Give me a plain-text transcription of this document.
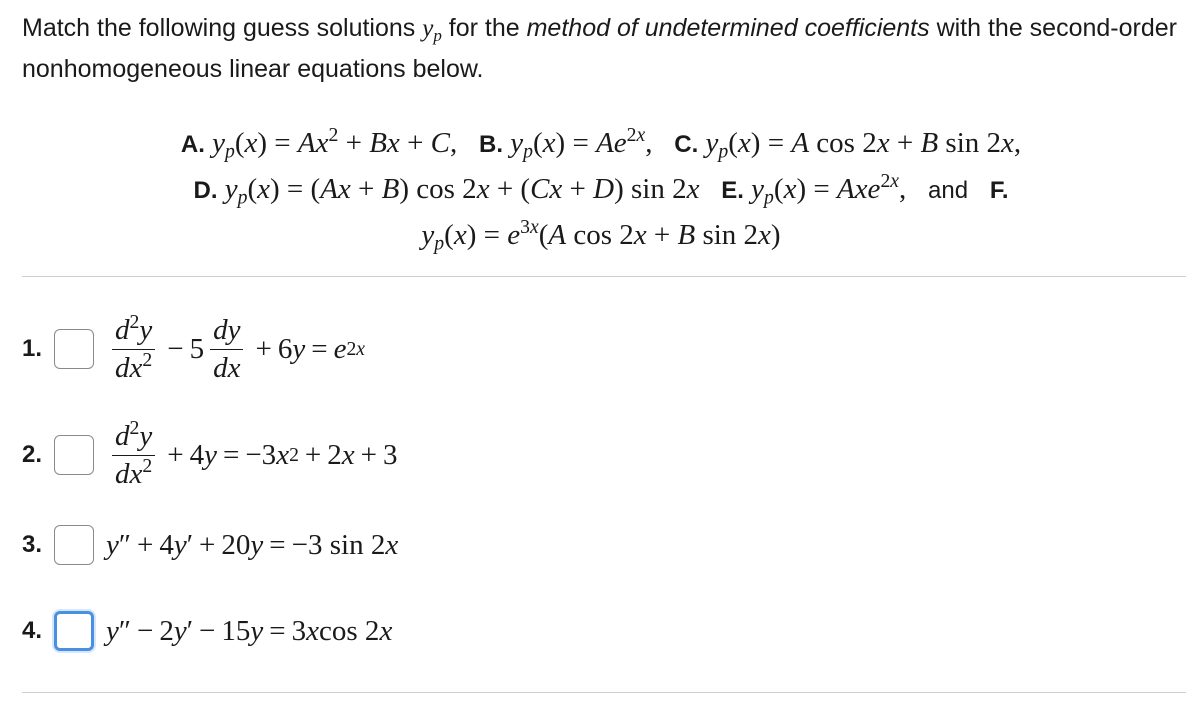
Match the following guess solutions $y_p$ for the method of undetermined coefficients with the second-order nonhomogeneous linear equations below.
A. $y_p(x) = Ax^2 + Bx + C$, B. $y_p(x) = Ae^{2x}$, C. $y_p(x) = A$ cos 2x + B sin 2x,
D. $y_p(x) = (Ax + B)$ cos 2x + (Cx + D) sin 2x E. $y_p(x) = Axe^{2x}$, and F.
$y_p(x) = e^{3x}(A$ cos 2x + B sin 2x)
1. $\frac{d^2y}{dx^2} - 5 \frac{dy}{dx} + 6$ y = e 2x
2. $\frac{d^2y}{dx^2} + 4$ y = −3 x 2 + 2 x + 3
3. y ″ + 4 y ′ + 20 y = −3 sin 2 x
4. y ″ − 2 y ′ − 15 y = 3 x cos 2 x
